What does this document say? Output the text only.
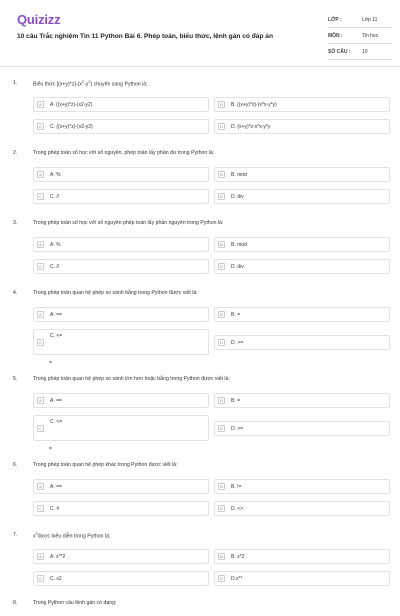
Quizizz
10 câu Trắc nghiệm Tin 11 Python Bài 6. Phép toán, biểu thức, lệnh gán có đáp án
LỚP :	Lớp 11
MÔN :	Tin học
SỐ CÂU :	10
1.	Biểu thức $[(x+y)*z]-(x^2-y^2)$ chuyển sang Python là:
A	A. ((x+y)*z)-(x2-y2)	B	B. ((x+y)*z)-(x*x-y*y)
C	C. ((x+y)*z)-(x2-y2)	D	D. (x+y)*z-x*x-y*y
2.	Trong phép toán số học với số nguyên, phép toán lấy phần dư trong Python là:
A	A. %	B	B. mod
C	C. //	D	D. div
3.	Trong phép toán số học với số nguyên phép toán lấy phần nguyên trong Python là:
A	A. %	B	B. mod
C	C. //	D	D. div
4.	Trong phép toán quan hệ phép so sánh bằng trong Python được viết là:
A	A. ==	B	B. =
C
C. <=
D	D. >=
=
5.	Trong phép toán quan hệ phép so sánh lớn hơn hoặc bằng trong Python được viết là:
A	A. ==	B	B. =
C
C. <=
D	D. >=
=
6.	Trong phép toán quan hệ phép khác trong Python được viết là:
A	A. ==	B	B. !=
C	C. #	D	D. <>
7.	$x^2được$ biểu diễn trong Python là:
A	A. x**2	B	B. x*2
C	C. x2	D	D.x**
8.	Trong Python câu lệnh gán có dạng:
